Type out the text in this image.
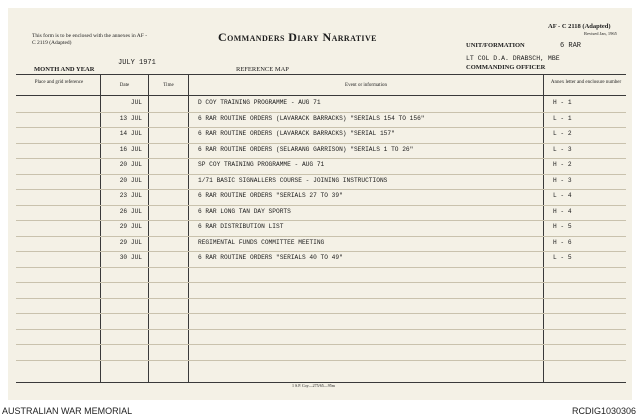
This form is to be enclosed with the annexes in AF - C 2119 (Adapted)	Commanders Diary Narrative
AF - C 2118 (Adapted)
Revised Jan, 1965
UNIT/FORMATION	6 RAR
LT COL D.A. DRABSCH, MBE
COMMANDING OFFICER
MONTH AND YEAR
JULY 1971
REFERENCE MAP
Place and grid reference
Date	Time	Event or information
Annex letter and enclosure number
JUL	D COY TRAINING PROGRAMME - AUG 71	H - 1
13 JUL	6 RAR ROUTINE ORDERS (LAVARACK BARRACKS) "SERIALS 154 TO 156"	L - 1
14 JUL	6 RAR ROUTINE ORDERS (LAVARACK BARRACKS) "SERIAL 157"	L - 2
16 JUL	6 RAR ROUTINE ORDERS (SELARANG GARRISON) "SERIALS 1 TO 26"	L - 3
20 JUL	SP COY TRAINING PROGRAMME - AUG 71	H - 2
20 JUL	1/71 BASIC SIGNALLERS COURSE - JOINING INSTRUCTIONS	H - 3
23 JUL	6 RAR ROUTINE ORDERS "SERIALS 27 TO 39"	L - 4
26 JUL	6 RAR LONG TAN DAY SPORTS	H - 4
29 JUL	6 RAR DISTRIBUTION LIST	H - 5
29 JUL	REGIMENTAL FUNDS COMMITTEE MEETING	H - 6
30 JUL	6 RAR ROUTINE ORDERS "SERIALS 40 TO 49"	L - 5
1 S.P. Coy—275/65—95m
AUSTRALIAN WAR MEMORIAL	RCDIG1030306
